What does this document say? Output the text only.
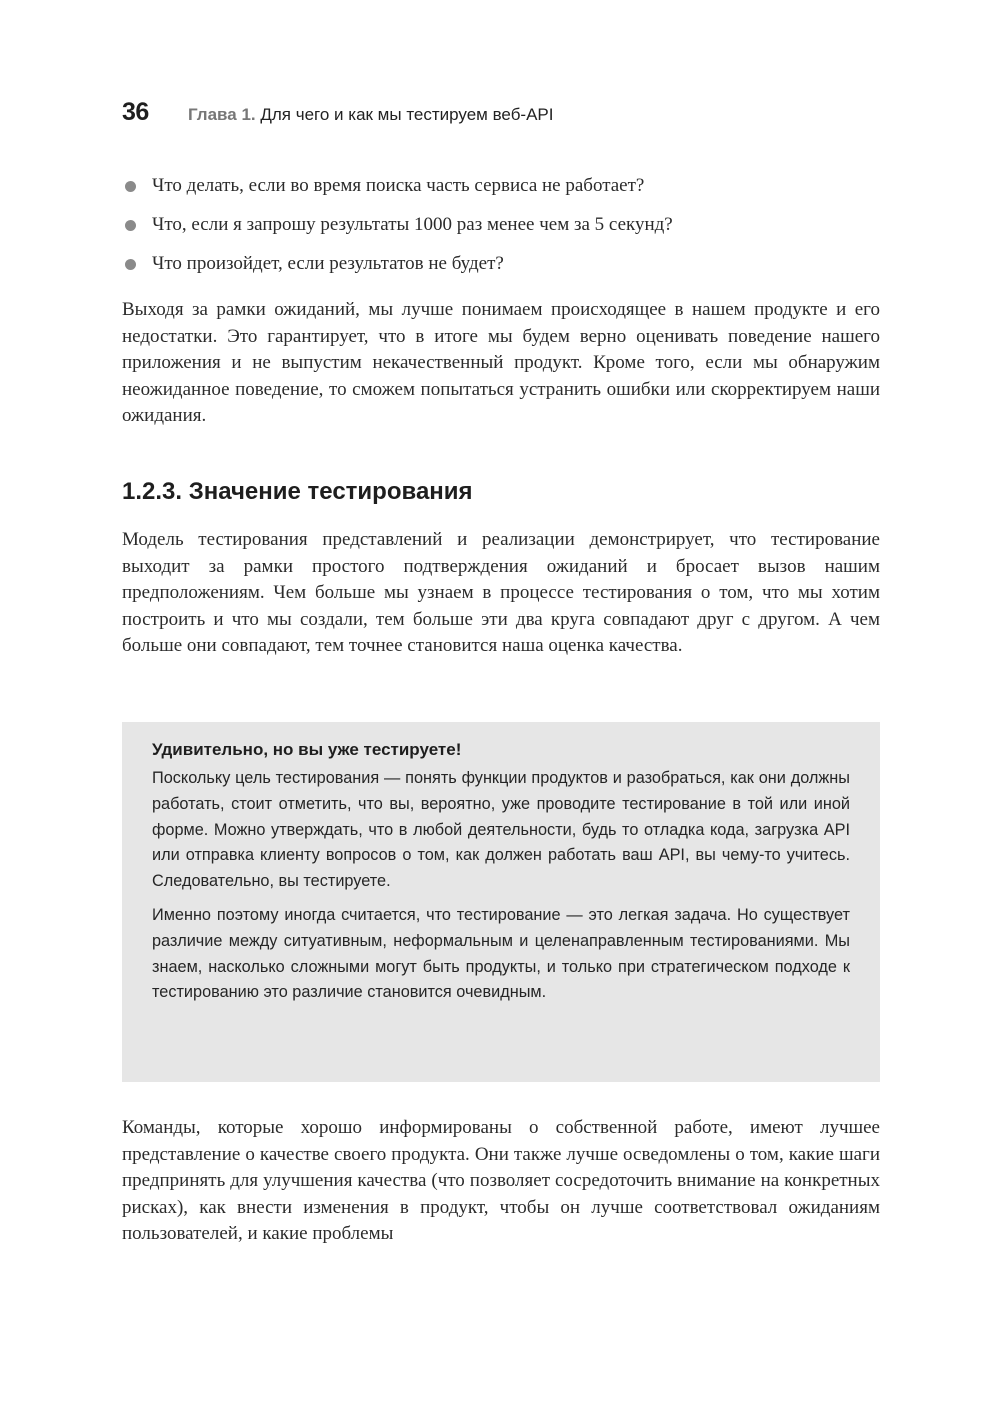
36 Глава 1. Для чего и как мы тестируем веб-API
Что делать, если во время поиска часть сервиса не работает?
Что, если я запрошу результаты 1000 раз менее чем за 5 секунд?
Что произойдет, если результатов не будет?

Выходя за рамки ожиданий, мы лучше понимаем происходящее в нашем продукте и его недостатки. Это гарантирует, что в итоге мы будем верно оценивать поведение нашего приложения и не выпустим некачественный продукт. Кроме того, если мы обнаружим неожиданное поведение, то сможем попытаться устранить ошибки или скорректируем наши ожидания.

1.2.3. Значение тестирования

Модель тестирования представлений и реализации демонстрирует, что тестирование выходит за рамки простого подтверждения ожиданий и бросает вызов нашим предположениям. Чем больше мы узнаем в процессе тестирования о том, что мы хотим построить и что мы создали, тем больше эти два круга совпадают друг с другом. А чем больше они совпадают, тем точнее становится наша оценка качества.

Удивительно, но вы уже тестируете!

Поскольку цель тестирования — понять функции продуктов и разобраться, как они должны работать, стоит отметить, что вы, вероятно, уже проводите тестирование в той или иной форме. Можно утверждать, что в любой деятельности, будь то отладка кода, загрузка API или отправка клиенту вопросов о том, как должен работать ваш API, вы чему-то учитесь. Следовательно, вы тестируете.

Именно поэтому иногда считается, что тестирование — это легкая задача. Но существует различие между ситуативным, неформальным и целенаправленным тестированиями. Мы знаем, насколько сложными могут быть продукты, и только при стратегическом подходе к тестированию это различие становится очевидным.

Команды, которые хорошо информированы о собственной работе, имеют лучшее представление о качестве своего продукта. Они также лучше осведомлены о том, какие шаги предпринять для улучшения качества (что позволяет сосредоточить внимание на конкретных рисках), как внести изменения в продукт, чтобы он лучше соответствовал ожиданиям пользователей, и какие проблемы
